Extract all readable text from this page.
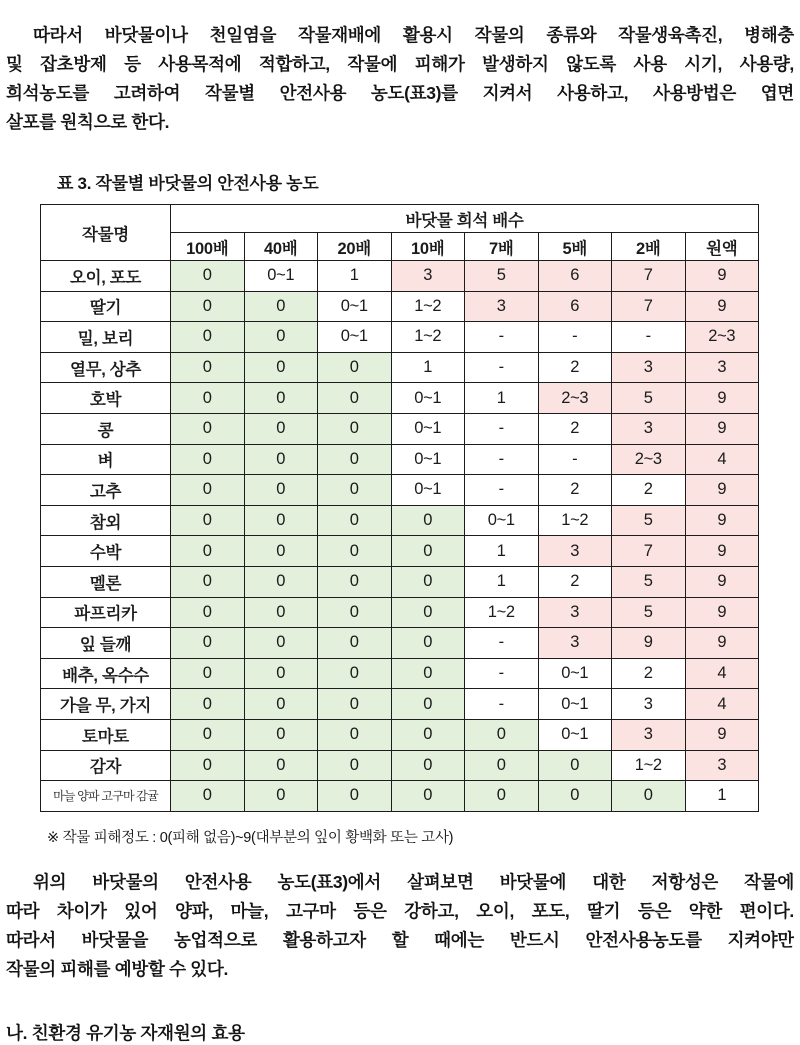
따라서 바닷물이나 천일염을 작물재배에 활용시 작물의 종류와 작물생육촉진, 병해충
및 잡초방제 등 사용목적에 적합하고, 작물에 피해가 발생하지 않도록 사용 시기, 사용량,
희석농도를 고려하여 작물별 안전사용 농도(표3)를 지켜서 사용하고, 사용방법은 엽면
살포를 원칙으로 한다.
표 3. 작물별 바닷물의 안전사용 농도
작물명	바닷물 희석 배수							
	100배	40배	20배	10배	7배	5배	2배	원액
오이, 포도	0	0~1	1	3	5	6	7	9
딸기	0	0	0~1	1~2	3	6	7	9
밀, 보리	0	0	0~1	1~2	-	-	-	2~3
열무, 상추	0	0	0	1	-	2	3	3
호박	0	0	0	0~1	1	2~3	5	9
콩	0	0	0	0~1	-	2	3	9
벼	0	0	0	0~1	-	-	2~3	4
고추	0	0	0	0~1	-	2	2	9
참외	0	0	0	0	0~1	1~2	5	9
수박	0	0	0	0	1	3	7	9
멜론	0	0	0	0	1	2	5	9
파프리카	0	0	0	0	1~2	3	5	9
잎 들깨	0	0	0	0	-	3	9	9
배추, 옥수수	0	0	0	0	-	0~1	2	4
가을 무, 가지	0	0	0	0	-	0~1	3	4
토마토	0	0	0	0	0	0~1	3	9
감자	0	0	0	0	0	0	1~2	3
마늘 양파 고구마 감귤	0	0	0	0	0	0	0	1
※ 작물 피해정도 : 0(피해 없음)~9(대부분의 잎이 황백화 또는 고사)
위의 바닷물의 안전사용 농도(표3)에서 살펴보면 바닷물에 대한 저항성은 작물에
따라 차이가 있어 양파, 마늘, 고구마 등은 강하고, 오이, 포도, 딸기 등은 약한 편이다.
따라서 바닷물을 농업적으로 활용하고자 할 때에는 반드시 안전사용농도를 지켜야만
작물의 피해를 예방할 수 있다.
나. 친환경 유기농 자재원의 효용
